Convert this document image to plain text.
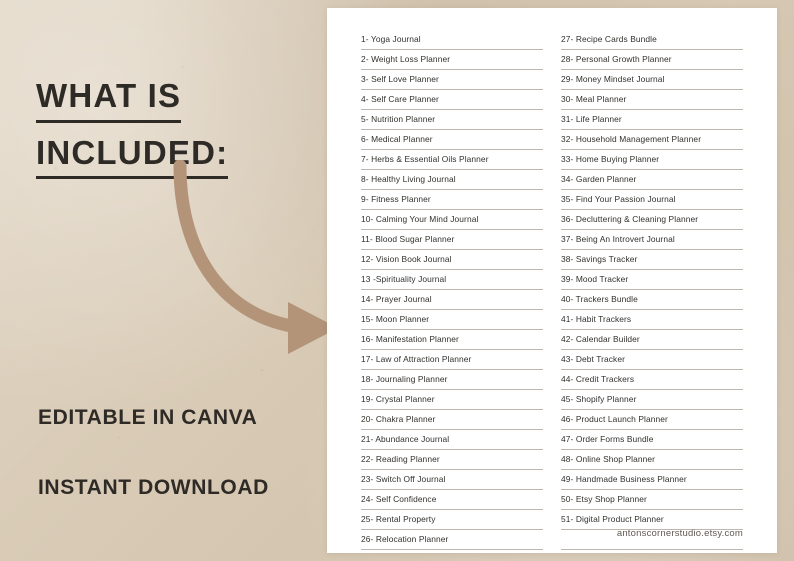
WHAT IS
INCLUDED:
EDITABLE IN CANVA
INSTANT DOWNLOAD
1- Yoga Journal
2- Weight Loss Planner
3- Self Love Planner
4- Self Care Planner
5- Nutrition Planner
6- Medical Planner
7- Herbs & Essential Oils Planner
8- Healthy Living Journal
9- Fitness Planner
10- Calming Your Mind Journal
11- Blood Sugar Planner
12- Vision Book Journal
13 -Spirituality Journal
14- Prayer Journal
15- Moon Planner
16- Manifestation Planner
17- Law of Attraction Planner
18- Journaling Planner
19- Crystal Planner
20- Chakra Planner
21- Abundance Journal
22- Reading Planner
23- Switch Off Journal
24- Self Confidence
25- Rental Property
26- Relocation Planner
27- Recipe Cards Bundle
28- Personal Growth Planner
29- Money Mindset Journal
30- Meal Planner
31- Life Planner
32- Household Management Planner
33- Home Buying Planner
34- Garden Planner
35- Find Your Passion Journal
36- Decluttering & Cleaning Planner
37- Being An Introvert Journal
38- Savings Tracker
39- Mood Tracker
40- Trackers Bundle
41- Habit Trackers
42- Calendar Builder
43- Debt Tracker
44- Credit Trackers
45- Shopify Planner
46- Product Launch Planner
47- Order Forms Bundle
48- Online Shop Planner
49- Handmade Business Planner
50- Etsy Shop Planner
51- Digital Product Planner
antonscornerstudio.etsy.com
